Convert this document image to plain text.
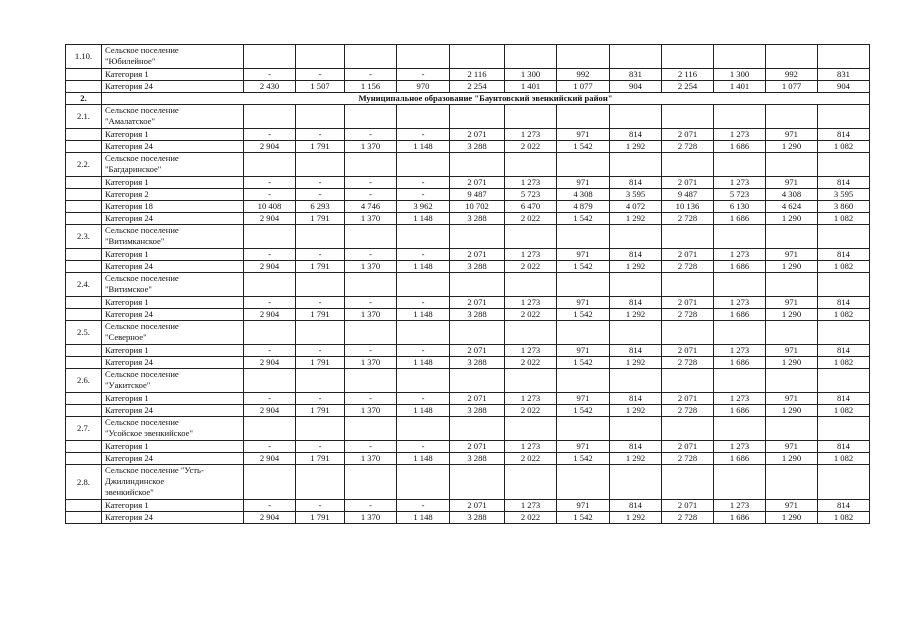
1.10.	Сельское поселение
"Юбилейное"												

	Категория 1	-	-	-	-	2 116	1 300	992	831	2 116	1 300	992	831
	Категория 24	2 430	1 507	1 156	970	2 254	1 401	1 077	904	2 254	1 401	1 077	904
2.	Муниципальное образование "Баунтовский эвенкийский район"												
2.1.	Сельское поселение
"Амалатское"												

	Категория 1	-	-	-	-	2 071	1 273	971	814	2 071	1 273	971	814
	Категория 24	2 904	1 791	1 370	1 148	3 288	2 022	1 542	1 292	2 728	1 686	1 290	1 082
2.2.	Сельское поселение
"Багдаринское"												

	Категория 1	-	-	-	-	2 071	1 273	971	814	2 071	1 273	971	814
	Категория 2	-	-	-	-	9 487	5 723	4 308	3 595	9 487	5 723	4 308	3 595
	Категория 18	10 408	6 293	4 746	3 962	10 702	6 470	4 879	4 072	10 136	6 130	4 624	3 860
	Категория 24	2 904	1 791	1 370	1 148	3 288	2 022	1 542	1 292	2 728	1 686	1 290	1 082
2.3.	Сельское поселение
"Витимканское"												

	Категория 1	-	-	-	-	2 071	1 273	971	814	2 071	1 273	971	814
	Категория 24	2 904	1 791	1 370	1 148	3 288	2 022	1 542	1 292	2 728	1 686	1 290	1 082
2.4.	Сельское поселение
"Витимское"												

	Категория 1	-	-	-	-	2 071	1 273	971	814	2 071	1 273	971	814
	Категория 24	2 904	1 791	1 370	1 148	3 288	2 022	1 542	1 292	2 728	1 686	1 290	1 082
2.5.	Сельское поселение
"Северное"												

	Категория 1	-	-	-	-	2 071	1 273	971	814	2 071	1 273	971	814
	Категория 24	2 904	1 791	1 370	1 148	3 288	2 022	1 542	1 292	2 728	1 686	1 290	1 082
2.6.	Сельское поселение
"Уакитское"												

	Категория 1	-	-	-	-	2 071	1 273	971	814	2 071	1 273	971	814
	Категория 24	2 904	1 791	1 370	1 148	3 288	2 022	1 542	1 292	2 728	1 686	1 290	1 082
2.7.	Сельское поселение
"Усойское эвенкийское"												

	Категория 1	-	-	-	-	2 071	1 273	971	814	2 071	1 273	971	814
	Категория 24	2 904	1 791	1 370	1 148	3 288	2 022	1 542	1 292	2 728	1 686	1 290	1 082
2.8.	Сельское поселение "Усть-
Джилиндинское
эвенкийское"												

	Категория 1	-	-	-	-	2 071	1 273	971	814	2 071	1 273	971	814
	Категория 24	2 904	1 791	1 370	1 148	3 288	2 022	1 542	1 292	2 728	1 686	1 290	1 082
